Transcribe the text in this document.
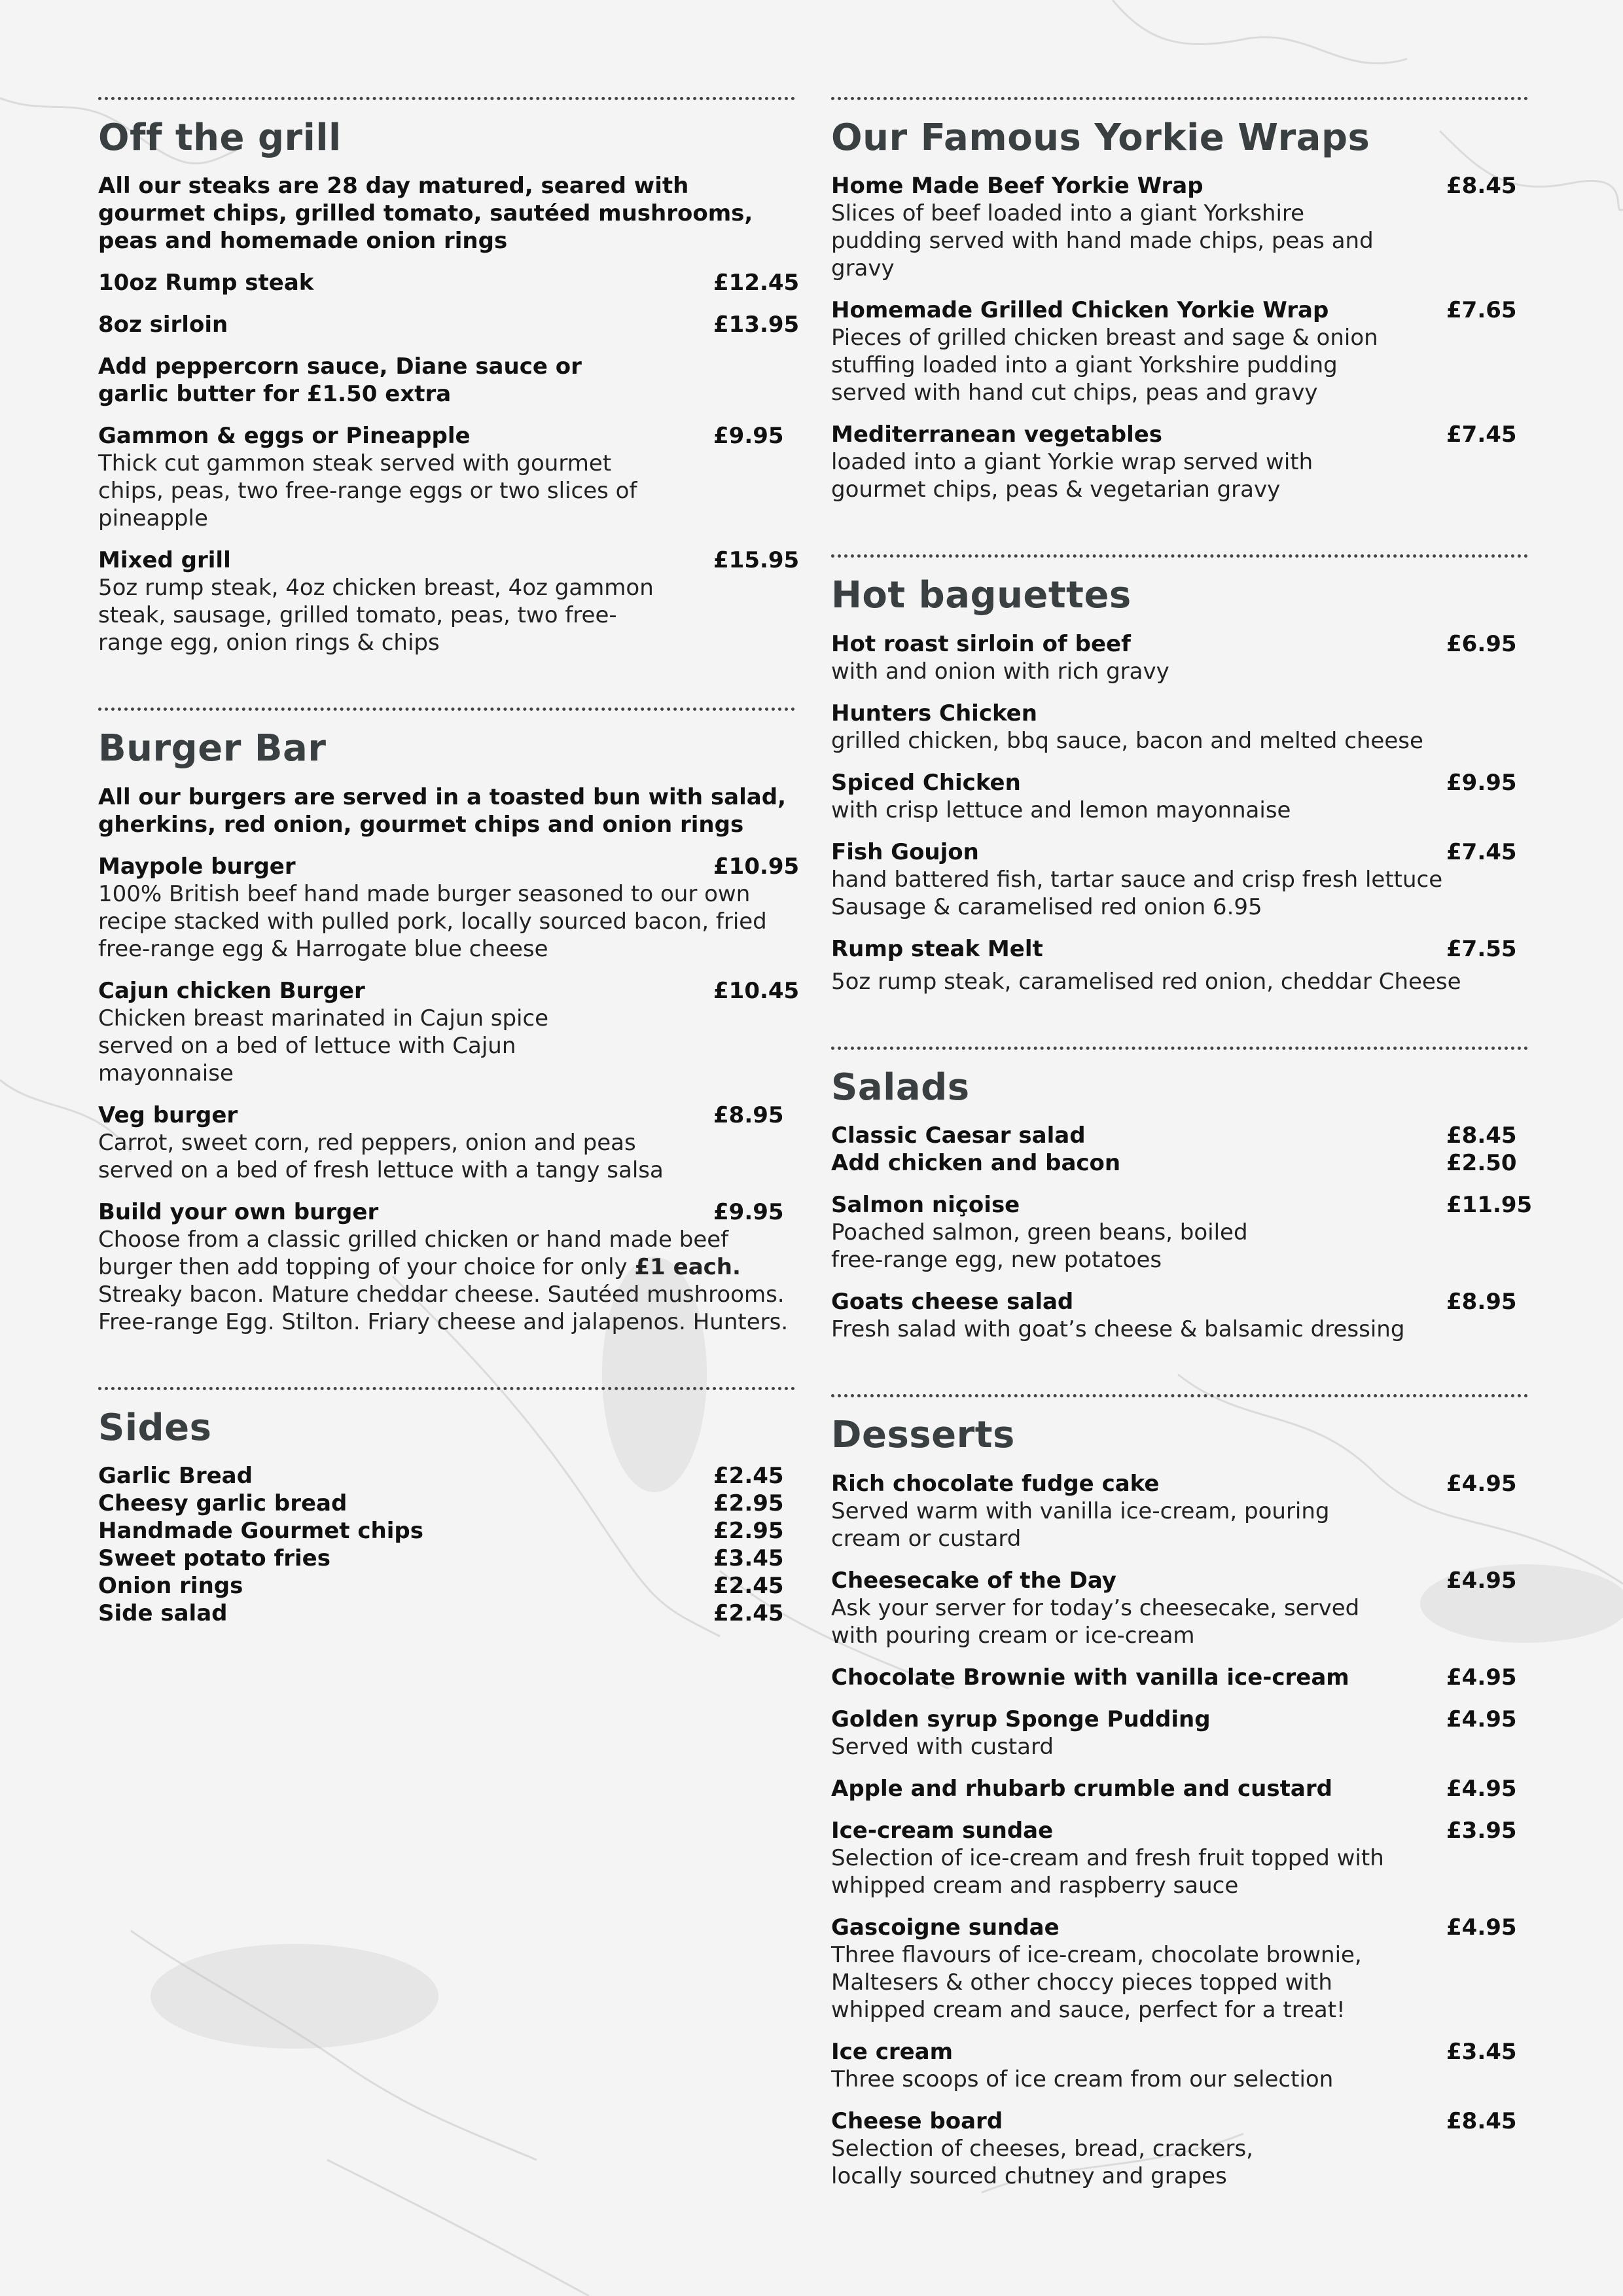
Off the grill
All our steaks are 28 day matured, seared with gourmet chips, grilled tomato, sautéed mushrooms, peas and homemade onion rings
10oz Rump steak	£12.45
8oz sirloin	£13.95
Add peppercorn sauce, Diane sauce or garlic butter for £1.50 extra
Gammon & eggs or Pineapple	£9.95
Thick cut gammon steak served with gourmet chips, peas, two free-range eggs or two slices of pineapple
Mixed grill	£15.95
5oz rump steak, 4oz chicken breast, 4oz gammon steak, sausage, grilled tomato, peas, two free-range egg, onion rings & chips
Burger Bar
All our burgers are served in a toasted bun with salad, gherkins, red onion, gourmet chips and onion rings
Maypole burger	£10.95
100% British beef hand made burger seasoned to our own recipe stacked with pulled pork, locally sourced bacon, fried free-range egg & Harrogate blue cheese
Cajun chicken Burger	£10.45
Chicken breast marinated in Cajun spice served on a bed of lettuce with Cajun mayonnaise
Veg burger	£8.95
Carrot, sweet corn, red peppers, onion and peas served on a bed of fresh lettuce with a tangy salsa
Build your own burger	£9.95
Choose from a classic grilled chicken or hand made beef burger then add topping of your choice for only £1 each. Streaky bacon. Mature cheddar cheese. Sautéed mushrooms. Free-range Egg. Stilton. Friary cheese and jalapenos. Hunters.
Sides
Garlic Bread	£2.45
Cheesy garlic bread	£2.95
Handmade Gourmet chips	£2.95
Sweet potato fries	£3.45
Onion rings	£2.45
Side salad	£2.45
Our Famous Yorkie Wraps
Home Made Beef Yorkie Wrap	£8.45
Slices of beef loaded into a giant Yorkshire pudding served with hand made chips, peas and gravy
Homemade Grilled Chicken Yorkie Wrap	£7.65
Pieces of grilled chicken breast and sage & onion stuffing loaded into a giant Yorkshire pudding served with hand cut chips, peas and gravy
Mediterranean vegetables	£7.45
loaded into a giant Yorkie wrap served with gourmet chips, peas & vegetarian gravy
Hot baguettes
Hot roast sirloin of beef	£6.95
with and onion with rich gravy
Hunters Chicken
grilled chicken, bbq sauce, bacon and melted cheese
Spiced Chicken	£9.95
with crisp lettuce and lemon mayonnaise
Fish Goujon	£7.45
hand battered fish, tartar sauce and crisp fresh lettuce
Sausage & caramelised red onion 6.95
Rump steak Melt	£7.55
5oz rump steak, caramelised red onion, cheddar Cheese
Salads
Classic Caesar salad	£8.45
Add chicken and bacon	£2.50
Salmon niçoise	£11.95
Poached salmon, green beans, boiled free-range egg, new potatoes
Goats cheese salad	£8.95
Fresh salad with goat’s cheese & balsamic dressing
Desserts
Rich chocolate fudge cake	£4.95
Served warm with vanilla ice-cream, pouring cream or custard
Cheesecake of the Day	£4.95
Ask your server for today’s cheesecake, served with pouring cream or ice-cream
Chocolate Brownie with vanilla ice-cream	£4.95
Golden syrup Sponge Pudding	£4.95
Served with custard
Apple and rhubarb crumble and custard	£4.95
Ice-cream sundae	£3.95
Selection of ice-cream and fresh fruit topped with whipped cream and raspberry sauce
Gascoigne sundae	£4.95
Three flavours of ice-cream, chocolate brownie, Maltesers & other choccy pieces topped with whipped cream and sauce, perfect for a treat!
Ice cream	£3.45
Three scoops of ice cream from our selection
Cheese board	£8.45
Selection of cheeses, bread, crackers, locally sourced chutney and grapes
